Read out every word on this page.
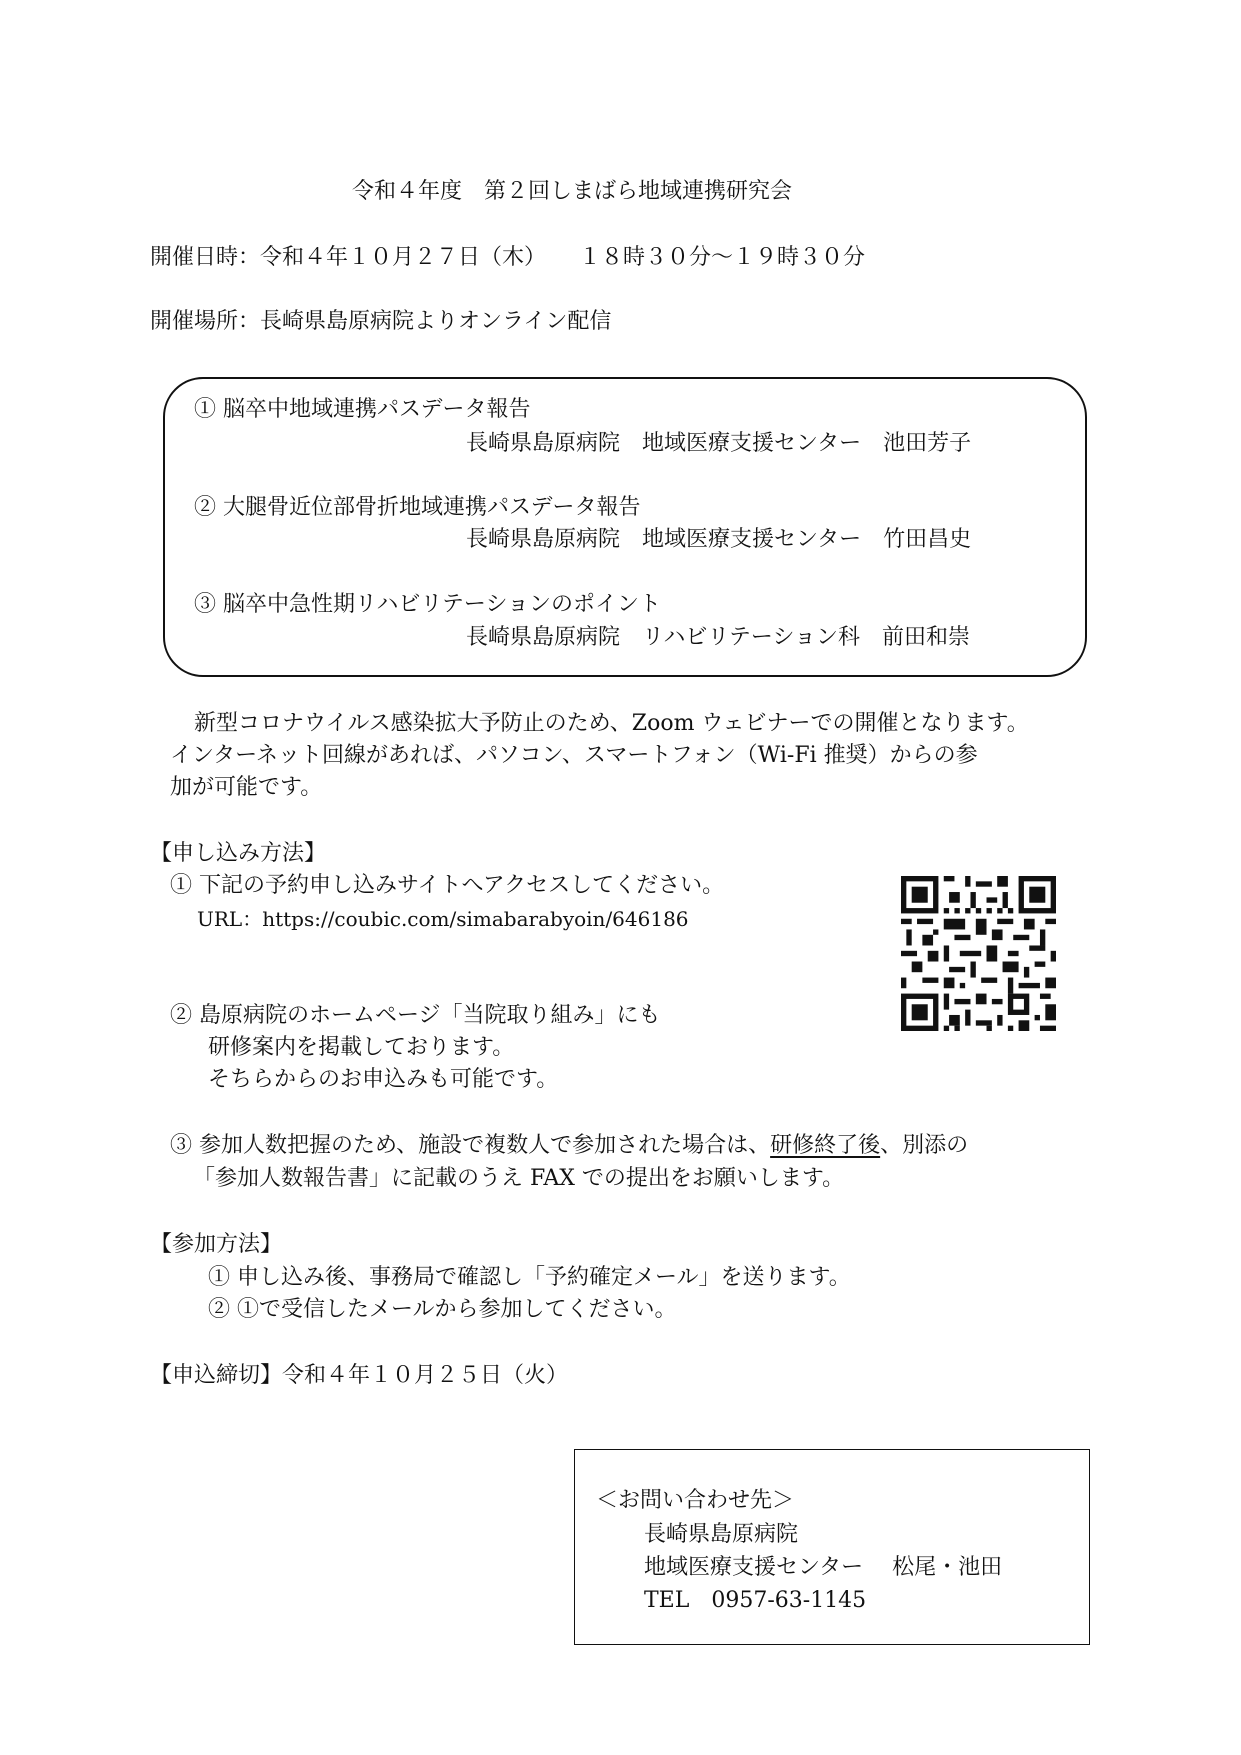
令和４年度　第２回しまばら地域連携研究会
開催日時：令和４年１０月２７日（木）　　１８時３０分～１９時３０分
開催場所：長崎県島原病院よりオンライン配信
① 脳卒中地域連携パスデータ報告
長崎県島原病院　地域医療支援センター　池田芳子
② 大腿骨近位部骨折地域連携パスデータ報告
長崎県島原病院　地域医療支援センター　竹田昌史
③ 脳卒中急性期リハビリテーションのポイント
長崎県島原病院　リハビリテーション科　前田和崇
新型コロナウイルス感染拡大予防止のため、Zoom ウェビナーでの開催となります。
インターネット回線があれば、パソコン、スマートフォン（Wi-Fi 推奨）からの参
加が可能です。
【申し込み方法】
① 下記の予約申し込みサイトへアクセスしてください。
URL：https://coubic.com/simabarabyoin/646186
② 島原病院のホームページ「当院取り組み」にも
研修案内を掲載しております。
そちらからのお申込みも可能です。
③ 参加人数把握のため、施設で複数人で参加された場合は、研修終了後、別添の
「参加人数報告書」に記載のうえ FAX での提出をお願いします。
【参加方法】
① 申し込み後、事務局で確認し「予約確定メール」を送ります。
② ①で受信したメールから参加してください。
【申込締切】令和４年１０月２５日（火）
＜お問い合わせ先＞
長崎県島原病院
地域医療支援センター　 松尾・池田
TEL　0957-63-1145
